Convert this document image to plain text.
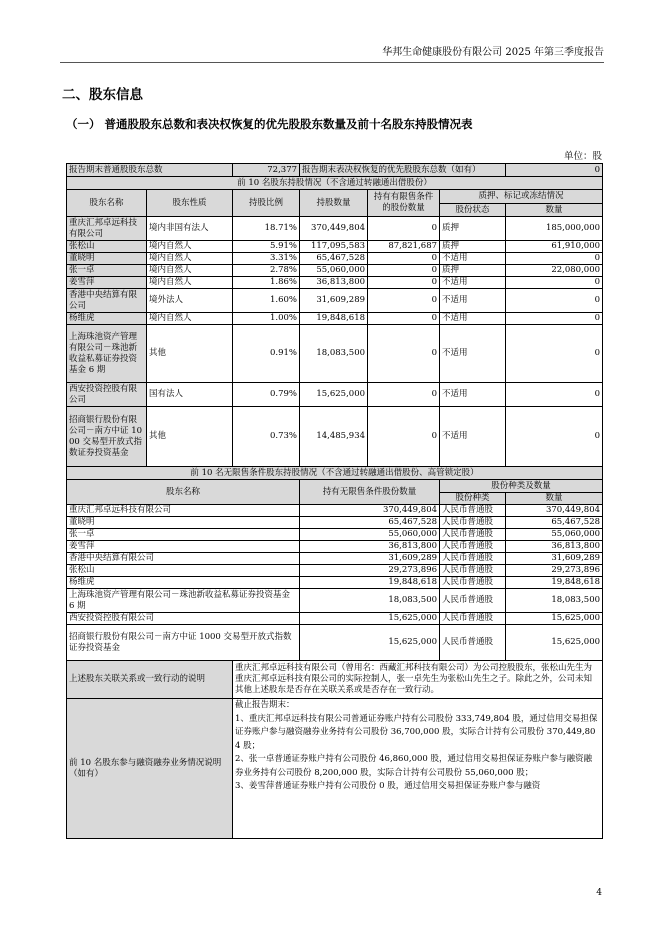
华邦生命健康股份有限公司 2025 年第三季度报告
二、股东信息
（一） 普通股股东总数和表决权恢复的优先股股东数量及前十名股东持股情况表
单位：股
报告期末普通股股东总数		72,377	报告期末表决权恢复的优先股股东总数（如有）			0
前 10 名股东持股情况（不含通过转融通出借股份）						
股东名称	股东性质	持股比例	持股数量	持有有限售条件的股份数量	质押、标记或冻结情况	
					股份状态	数量
重庆汇邦卓远科技有限公司	境内非国有法人	18.71%	370,449,804	0	质押	185,000,000
张松山	境内自然人	5.91%	117,095,583	87,821,687	质押	61,910,000
董晓明	境内自然人	3.31%	65,467,528	0	不适用	0
张一卓	境内自然人	2.78%	55,060,000	0	质押	22,080,000
姜雪萍	境内自然人	1.86%	36,813,800	0	不适用	0
香港中央结算有限公司	境外法人	1.60%	31,609,289	0	不适用	0
杨维虎	境内自然人	1.00%	19,848,618	0	不适用	0
上海珠池资产管理有限公司－珠池新收益私募证券投资基金 6 期	其他	0.91%	18,083,500	0	不适用	0
西安投资控股有限公司	国有法人	0.79%	15,625,000	0	不适用	0
招商银行股份有限公司－南方中证 1000 交易型开放式指数证券投资基金	其他	0.73%	14,485,934	0	不适用	0
前 10 名无限售条件股东持股情况（不含通过转融通出借股份、高管锁定股）						
股东名称			持有无限售条件股份数量		股份种类及数量	
					股份种类	数量
重庆汇邦卓远科技有限公司			370,449,804		人民币普通股	370,449,804
董晓明			65,467,528		人民币普通股	65,467,528
张一卓			55,060,000		人民币普通股	55,060,000
姜雪萍			36,813,800		人民币普通股	36,813,800
香港中央结算有限公司			31,609,289		人民币普通股	31,609,289
张松山			29,273,896		人民币普通股	29,273,896
杨维虎			19,848,618		人民币普通股	19,848,618
上海珠池资产管理有限公司－珠池新收益私募证券投资基金 6 期			18,083,500		人民币普通股	18,083,500
西安投资控股有限公司			15,625,000		人民币普通股	15,625,000
招商银行股份有限公司－南方中证 1000 交易型开放式指数证券投资基金			15,625,000		人民币普通股	15,625,000
上述股东关联关系或一致行动的说明		重庆汇邦卓远科技有限公司（曾用名：西藏汇邦科技有限公司）为公司控股股东，张松山先生为重庆汇邦卓远科技有限公司的实际控制人，张一卓先生为张松山先生之子。除此之外，公司未知其他上述股东是否存在关联关系或是否存在一致行动。				
前 10 名股东参与融资融券业务情况说明（如有）		截止报告期末：
1、重庆汇邦卓远科技有限公司普通证券账户持有公司股份 333,749,804 股，通过信用交易担保证券账户参与融资融券业务持有公司股份 36,700,000 股，实际合计持有公司股份 370,449,804 股；
2、张一卓普通证券账户持有公司股份 46,860,000 股，通过信用交易担保证券账户参与融资融券业务持有公司股份 8,200,000 股，实际合计持有公司股份 55,060,000 股；
3、姜雪萍普通证券账户持有公司股份 0 股，通过信用交易担保证券账户参与融资				
4
